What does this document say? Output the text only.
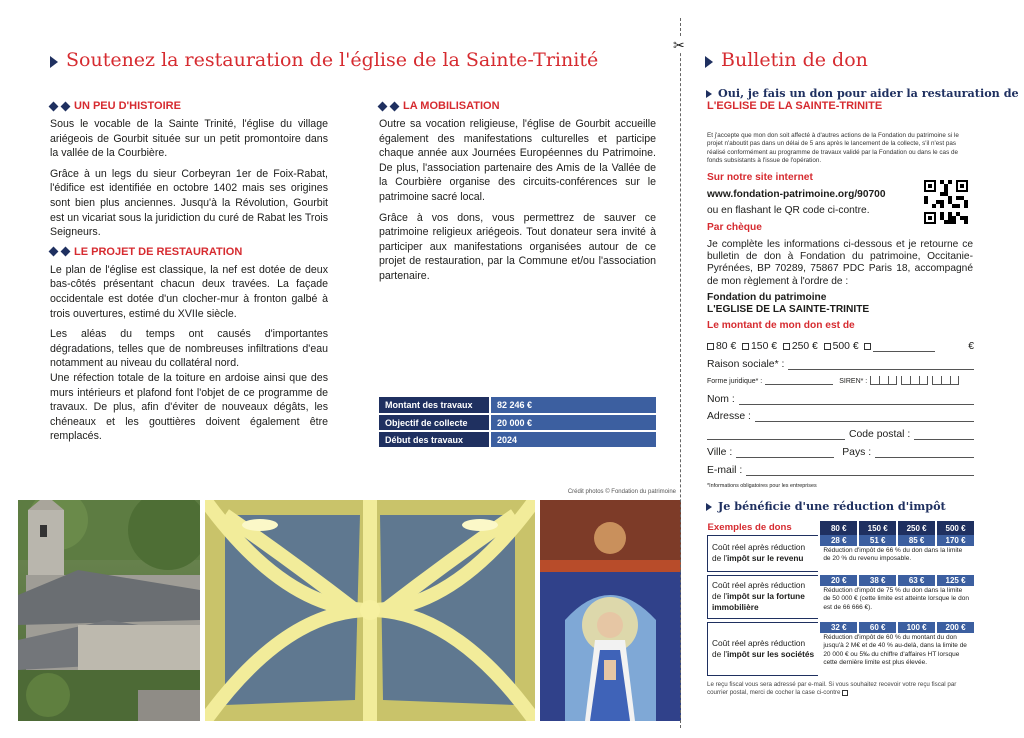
Soutenez la restauration de l'église de la Sainte-Trinité
UN PEU D'HISTOIRE

Sous le vocable de la Sainte Trinité, l'église du village ariégeois de Gourbit située sur un petit promontoire dans la vallée de la Courbière.

Grâce à un legs du sieur Corbeyran 1er de Foix-Rabat, l'édifice est identifiée en octobre 1402 mais ses origines sont bien plus anciennes. Jusqu'à la Révolution, Gourbit est un vicariat sous la juridiction du curé de Rabat les Trois Seigneurs.

LE PROJET DE RESTAURATION

Le plan de l'église est classique, la nef est dotée de deux bas-côtés présentant chacun deux travées. La façade occidentale est dotée d'un clocher-mur à fronton galbé à trois ouvertures, estimé du XVIIe siècle.

Les aléas du temps ont causés d'importantes dégradations, telles que de nombreuses infiltrations d'eau notamment au niveau du collatéral nord.

Une réfection totale de la toiture en ardoise ainsi que des murs intérieurs et plafond font l'objet de ce programme de travaux. De plus, afin d'éviter de nouveaux dégâts, les chéneaux et les gouttières doivent également être remplacés.

LA MOBILISATION

Outre sa vocation religieuse, l'église de Gourbit accueille également des manifestations culturelles et participe chaque année aux Journées Européennes du Patrimoine. De plus, l'association partenaire des Amis de la Vallée de la Courbière organise des circuits-conférences sur le patrimoine sacré local.

Grâce à vos dons, vous permettrez de sauver ce patrimoine religieux ariégeois. Tout donateur sera invité à participer aux manifestations organisées autour de ce projet de restauration, par la Commune et/ou l'association partenaire.

Montant des travaux	82 246 €
Objectif de collecte	20 000 €
Début des travaux	2024
Crédit photos © Fondation du patrimoine
✂
Bulletin de don
Oui, je fais un don pour aider la restauration de
L'EGLISE DE LA SAINTE-TRINITE
Et j'accepte que mon don soit affecté à d'autres actions de la Fondation du patrimoine si le projet n'aboutit pas dans un délai de 5 ans après le lancement de la collecte, s'il n'est pas réalisé conformément au programme de travaux validé par la Fondation ou dans le cas de fonds subsistants à l'issue de l'opération.
Sur notre site internet
www.fondation-patrimoine.org/90700
ou en flashant le QR code ci-contre.
Par chèque
Je complète les informations ci-dessous et je retourne ce bulletin de don à Fondation du patrimoine, Occitanie-Pyrénées, BP 70289, 75867 PDC Paris 18, accompagné de mon règlement à l'ordre de :
Fondation du patrimoine
L'EGLISE DE LA SAINTE-TRINITE
Le montant de mon don est de
80 € 150 € 250 € 500 €	€
Raison sociale* :
Forme juridique* :	SIREN* :
Nom :
Adresse :
Code postal :
Ville :	Pays :
E-mail :
*Informations obligatoires pour les entreprises
Je bénéficie d'une réduction d'impôt
Exemples de dons	80 €	150 €	250 €	500 €
Coût réel après réduction de l'impôt sur le revenu	28 €	51 €	85 €	170 €
	Réduction d'impôt de 66 % du don dans la limite de 20 % du revenu imposable.			

Coût réel après réduction de l'impôt sur la fortune immobilière	20 €	38 €	63 €	125 €
	Réduction d'impôt de 75 % du don dans la limite de 50 000 € (cette limite est atteinte lorsque le don est de 66 666 €).			

Coût réel après réduction de l'impôt sur les sociétés	32 €	60 €	100 €	200 €
	Réduction d'impôt de 60 % du montant du don jusqu'à 2 M€ et de 40 % au-delà, dans la limite de 20 000 € ou 5‰ du chiffre d'affaires HT lorsque cette dernière limite est plus élevée.			
Le reçu fiscal vous sera adressé par e-mail. Si vous souhaitez recevoir votre reçu fiscal par courrier postal, merci de cocher la case ci-contre
